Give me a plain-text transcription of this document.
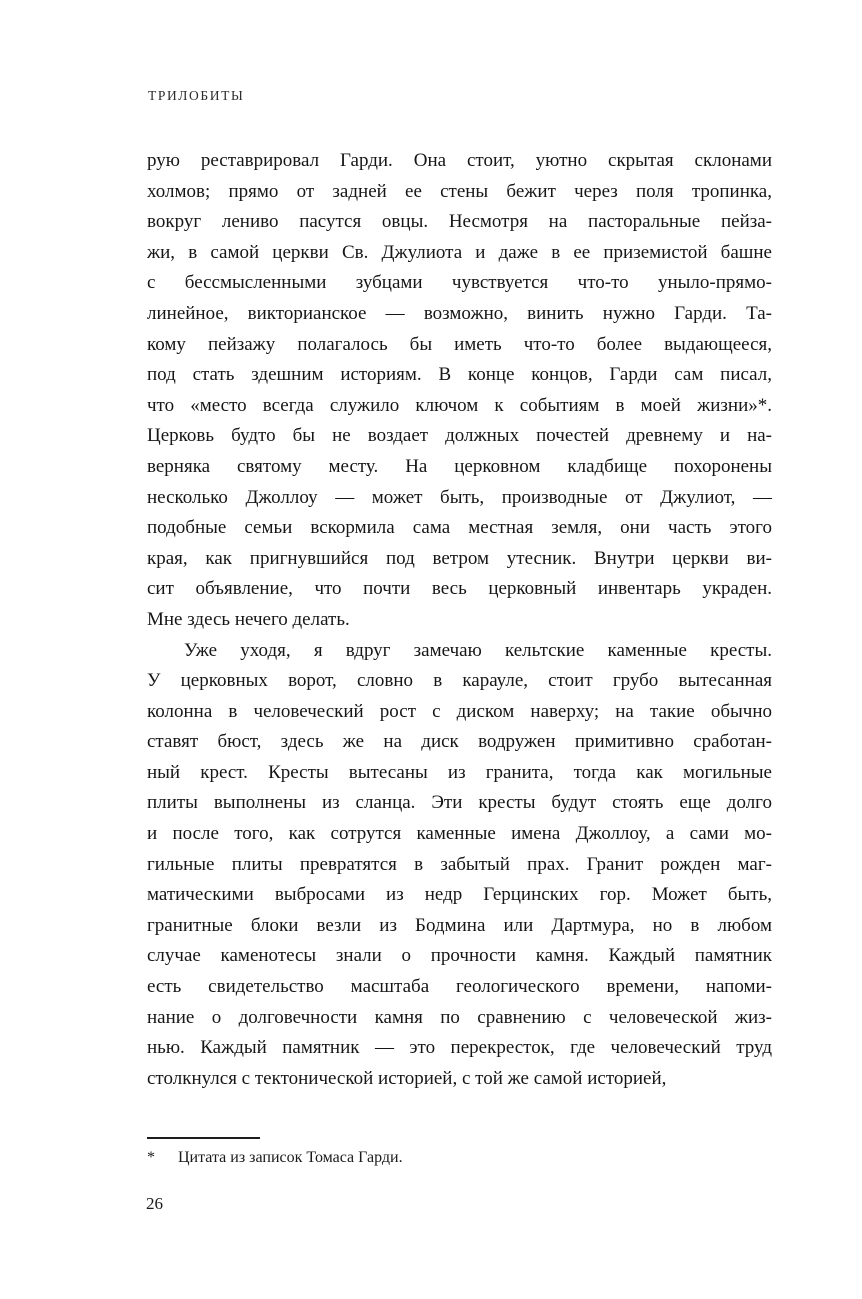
ТРИЛОБИТЫ
рую реставрировал Гарди. Она стоит, уютно скрытая склонами
холмов; прямо от задней ее стены бежит через поля тропинка,
вокруг лениво пасутся овцы. Несмотря на пасторальные пейза-
жи, в самой церкви Св. Джулиота и даже в ее приземистой башне
с бессмысленными зубцами чувствуется что-то уныло-прямо-
линейное, викторианское — возможно, винить нужно Гарди. Та-
кому пейзажу полагалось бы иметь что-то более выдающееся,
под стать здешним историям. В конце концов, Гарди сам писал,
что «место всегда служило ключом к событиям в моей жизни»*.
Церковь будто бы не воздает должных почестей древнему и на-
верняка святому месту. На церковном кладбище похоронены
несколько Джоллоу — может быть, производные от Джулиот, —
подобные семьи вскормила сама местная земля, они часть этого
края, как пригнувшийся под ветром утесник. Внутри церкви ви-
сит объявление, что почти весь церковный инвентарь украден.
Мне здесь нечего делать.
Уже уходя, я вдруг замечаю кельтские каменные кресты.
У церковных ворот, словно в карауле, стоит грубо вытесанная
колонна в человеческий рост с диском наверху; на такие обычно
ставят бюст, здесь же на диск водружен примитивно сработан-
ный крест. Кресты вытесаны из гранита, тогда как могильные
плиты выполнены из сланца. Эти кресты будут стоять еще долго
и после того, как сотрутся каменные имена Джоллоу, а сами мо-
гильные плиты превратятся в забытый прах. Гранит рожден маг-
матическими выбросами из недр Герцинских гор. Может быть,
гранитные блоки везли из Бодмина или Дартмура, но в любом
случае каменотесы знали о прочности камня. Каждый памятник
есть свидетельство масштаба геологического времени, напоми-
нание о долговечности камня по сравнению с человеческой жиз-
нью. Каждый памятник — это перекресток, где человеческий труд
столкнулся с тектонической историей, с той же самой историей,
* Цитата из записок Томаса Гарди.
26
